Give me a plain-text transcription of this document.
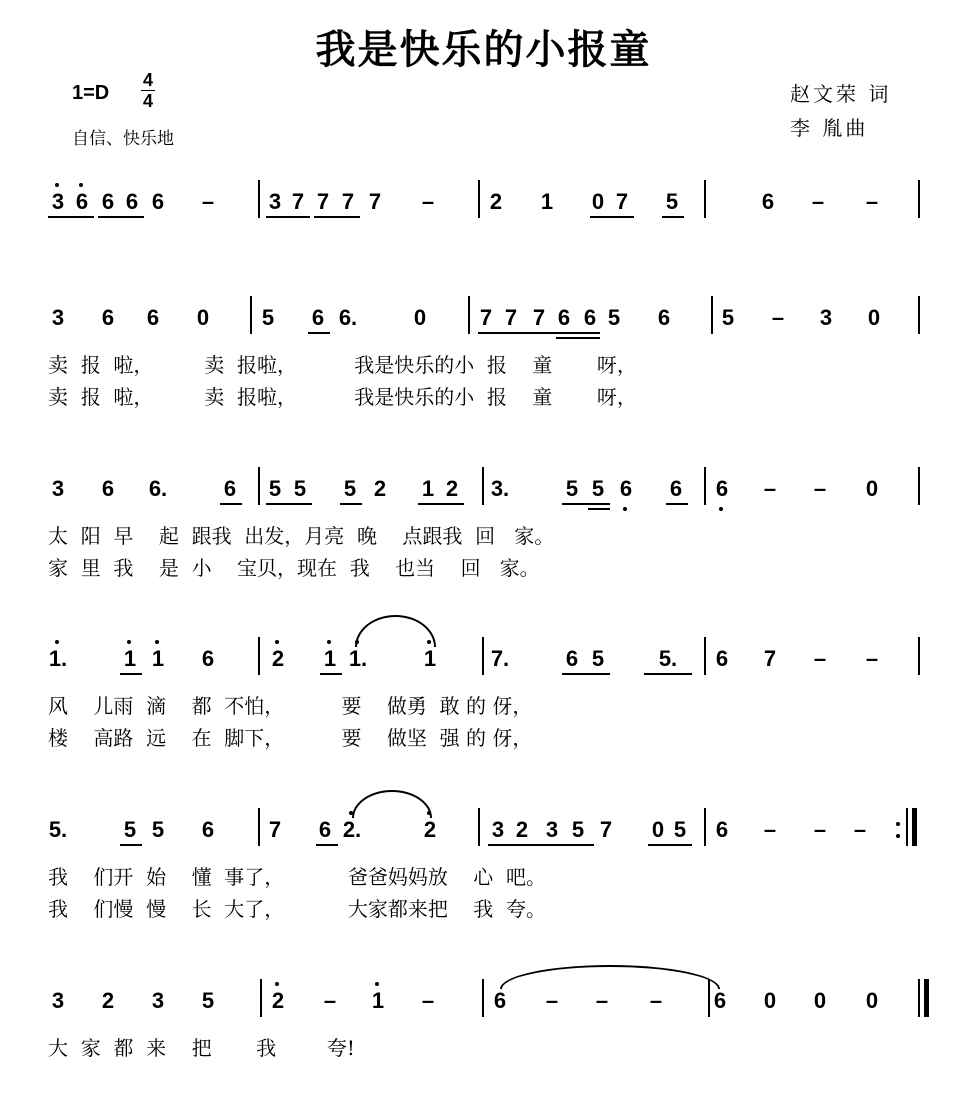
我是快乐的小报童
1=D
4
4
自信、快乐地
赵文荣 词
李 胤曲
3 6 6 6 6 – 3 7 7 7 7 –	2 1 0 7 5	6 – –
3 6 6 0 5 6 6.	0 7 7 7 6 6 5 6 5 – 3 0
3 6 6.	6 5 5 5 2 1 2 3.	5 5 6 6 6 – – 0
1.	1 1 6	2 1 1.	1 7.	6 5 5. 6 7 – –
5.	5 5 6 7 6 2.	2	3 2 3 5 7 0 5 6 – – –
3 2 3 5	2 – 1 –	6 – – – 6 0 0 0
卖  报  啦，        卖  报啦，         我是快乐的小  报    童       呀，
卖  报  啦，        卖  报啦，         我是快乐的小  报    童       呀，
太  阳  早    起  跟我  出发，月亮  晚    点跟我  回   家。
家  里  我    是  小    宝贝，现在  我    也当    回   家。
风    儿雨  滴    都  不怕，         要    做勇  敢 的 伢，
楼    高路  远    在  脚下，         要    做坚  强 的 伢，
我    们开  始    懂  事了，          爸爸妈妈放    心  吧。
我    们慢  慢    长  大了，          大家都来把    我  夸。
大  家  都  来    把       我        夸!
